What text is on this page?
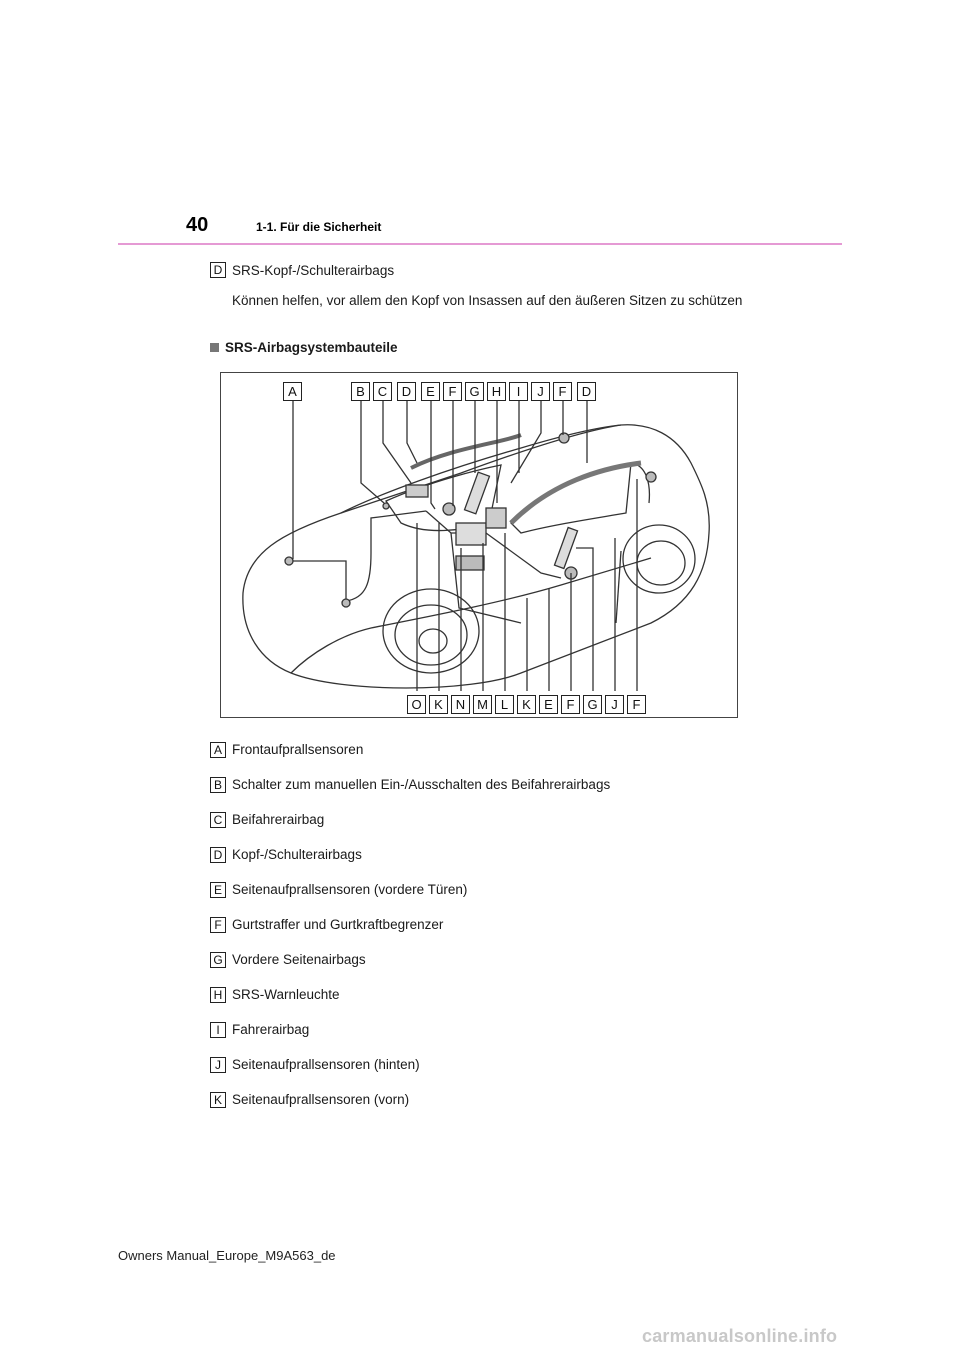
40	1-1. Für die Sicherheit
D SRS-Kopf-/Schulterairbags
Können helfen, vor allem den Kopf von Insassen auf den äußeren Sitzen zu schützen
SRS-Airbagsystembauteile
A	B C	D	E	F G H	I	J	F	D
O K N M L	K	E	F G	J	F
A Frontaufprallsensoren
B Schalter zum manuellen Ein-/Ausschalten des Beifahrerairbags
C Beifahrerairbag
D Kopf-/Schulterairbags
E Seitenaufprallsensoren (vordere Türen)
F Gurtstraffer und Gurtkraftbegrenzer
G Vordere Seitenairbags
H SRS-Warnleuchte
I Fahrerairbag
J Seitenaufprallsensoren (hinten)
K Seitenaufprallsensoren (vorn)
Owners Manual_Europe_M9A563_de
carmanualsonline.info
